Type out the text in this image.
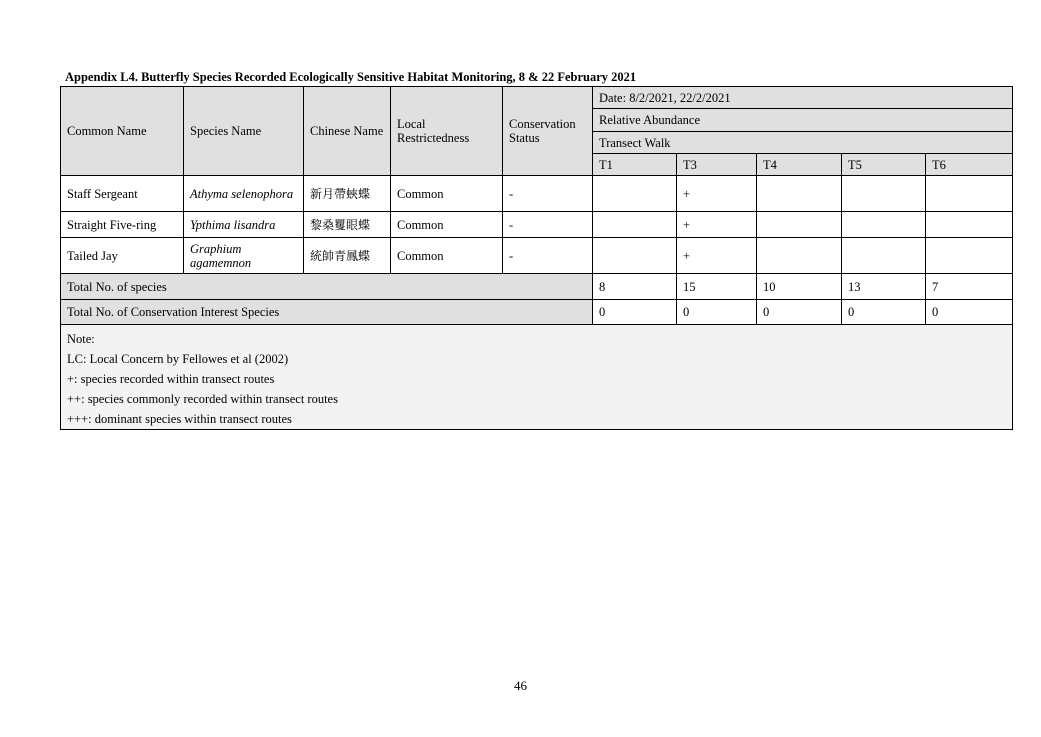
Appendix L4. Butterfly Species Recorded Ecologically Sensitive Habitat Monitoring, 8 & 22 February 2021
Common Name	Species Name	Chinese Name	Local Restrictedness	Conservation Status	Date: 8/2/2021, 22/2/2021				
					Relative Abundance				
					Transect Walk				
					T1	T3	T4	T5	T6
Staff Sergeant	Athyma selenophora	新月帶蛺蝶	Common	-		+			
Straight Five-ring	Ypthima lisandra	黎桑矍眼蝶	Common	-		+			
Tailed Jay	Graphium agamemnon	統帥青鳳蝶	Common	-		+			
Total No. of species					8	15	10	13	7
Total No. of Conservation Interest Species					0	0	0	0	0

Note:
LC: Local Concern by Fellowes et al (2002)
+: species recorded within transect routes
++: species commonly recorded within transect routes
+++: dominant species within transect routes									
46
